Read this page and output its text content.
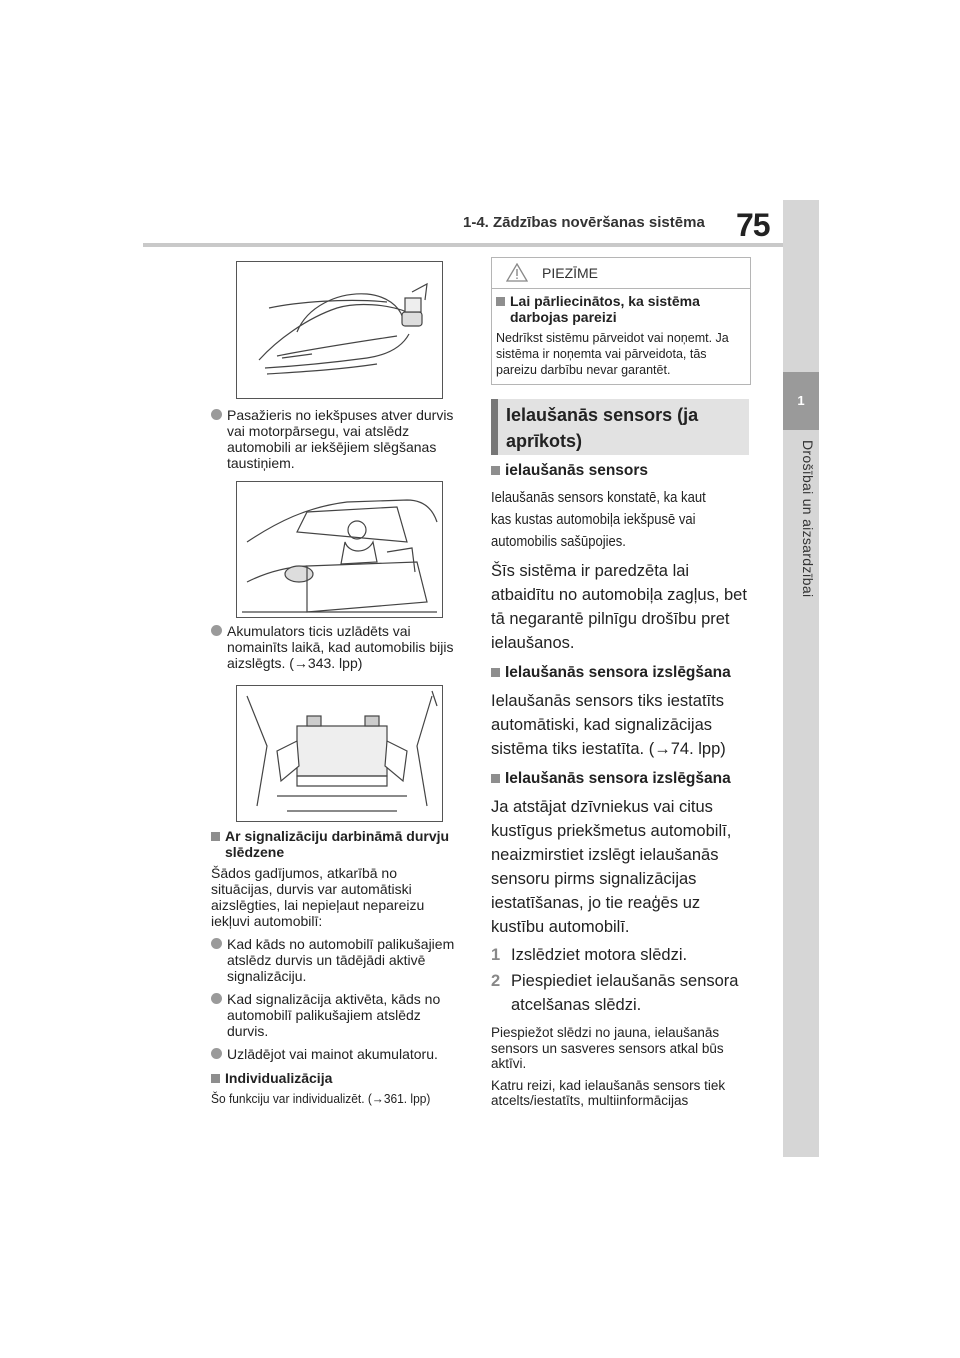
1-4. Zādzības novēršanas sistēma 75
1
Drošībai un aizsardzībai
Pasažieris no iekšpuses atver durvis
vai motorpārsegu, vai atslēdz
automobili ar iekšējiem slēgšanas
taustiņiem.
Akumulators ticis uzlādēts vai
nomainīts laikā, kad automobilis bijis
aizslēgts. (→343. lpp)
Ar signalizāciju darbināmā durvju
slēdzene
Šādos gadījumos, atkarībā no
situācijas, durvis var automātiski
aizslēgties, lai nepieļaut nepareizu
iekļuvi automobilī:
Kad kāds no automobilī palikušajiem
atslēdz durvis un tādējādi aktivē
signalizāciju.
Kad signalizācija aktivēta, kāds no
automobilī palikušajiem atslēdz
durvis.
Uzlādējot vai mainot akumulatoru.
Individualizācija
Šo funkciju var individualizēt. (→361. lpp)
PIEZĪME
Lai pārliecinātos, ka sistēma
darbojas pareizi
Nedrīkst sistēmu pārveidot vai noņemt. Ja
sistēma ir noņemta vai pārveidota, tās
pareizu darbību nevar garantēt.
Ielaušanās sensors (ja
aprīkots)
ielaušanās sensors
Ielaušanās sensors konstatē, ka kaut
kas kustas automobiļa iekšpusē vai
automobilis sašūpojies.
Šīs sistēma ir paredzēta lai
atbaidītu no automobiļa zagļus, bet
tā negarantē pilnīgu drošību pret
ielaušanos.
Ielaušanās sensora izslēgšana
Ielaušanās sensors tiks iestatīts
automātiski, kad signalizācijas
sistēma tiks iestatīta. (→74. lpp)
Ielaušanās sensora izslēgšana
Ja atstājat dzīvniekus vai citus
kustīgus priekšmetus automobilī,
neaizmirstiet izslēgt ielaušanās
sensoru pirms signalizācijas
iestatīšanas, jo tie reaģēs uz
kustību automobilī.
1 Izslēdziet motora slēdzi.
2 Piespiediet ielaušanās sensora
atcelšanas slēdzi.
Piespiežot slēdzi no jauna, ielaušanās
sensors un sasveres sensors atkal būs
aktīvi.
Katru reizi, kad ielaušanās sensors tiek
atcelts/iestatīts, multiinformācijas
